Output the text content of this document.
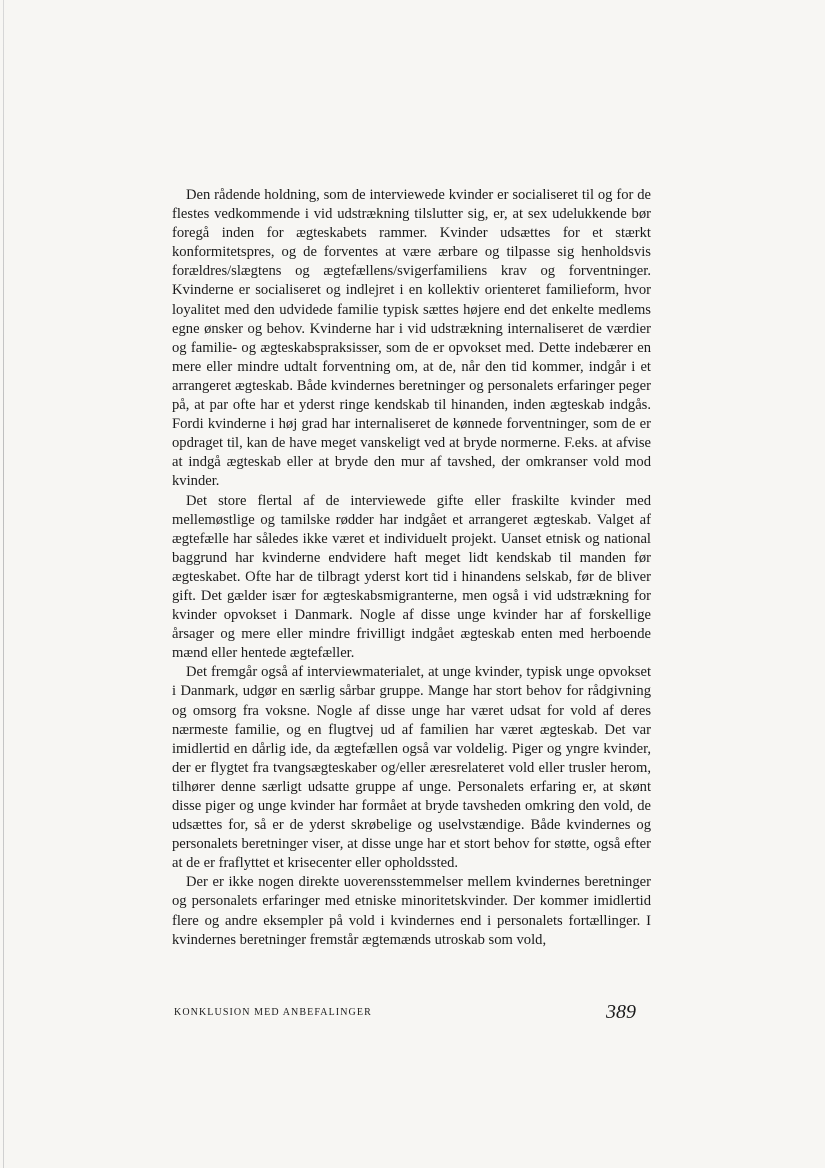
Den rådende holdning, som de interviewede kvinder er socialiseret til og for de flestes vedkommende i vid udstrækning tilslutter sig, er, at sex udelukkende bør foregå inden for ægteskabets rammer. Kvinder udsættes for et stærkt konformitetspres, og de forventes at være ærbare og tilpasse sig henholdsvis forældres/slægtens og ægtefællens/svigerfamiliens krav og forventninger. Kvinderne er socialiseret og indlejret i en kollektiv orienteret familieform, hvor loyalitet med den udvidede familie typisk sættes højere end det enkelte medlems egne ønsker og behov. Kvinderne har i vid udstrækning internaliseret de værdier og familie- og ægteskabspraksisser, som de er opvokset med. Dette indebærer en mere eller mindre udtalt forventning om, at de, når den tid kommer, indgår i et arrangeret ægteskab. Både kvindernes beretninger og personalets erfaringer peger på, at par ofte har et yderst ringe kendskab til hinanden, inden ægteskab indgås. Fordi kvinderne i høj grad har internaliseret de kønnede forventninger, som de er opdraget til, kan de have meget vanskeligt ved at bryde normerne. F.eks. at afvise at indgå ægteskab eller at bryde den mur af tavshed, der omkranser vold mod kvinder.

Det store flertal af de interviewede gifte eller fraskilte kvinder med mellemøstlige og tamilske rødder har indgået et arrangeret ægteskab. Valget af ægtefælle har således ikke været et individuelt projekt. Uanset etnisk og national baggrund har kvinderne endvidere haft meget lidt kendskab til manden før ægteskabet. Ofte har de tilbragt yderst kort tid i hinandens selskab, før de bliver gift. Det gælder især for ægteskabsmigranterne, men også i vid udstrækning for kvinder opvokset i Danmark. Nogle af disse unge kvinder har af forskellige årsager og mere eller mindre frivilligt indgået ægteskab enten med herboende mænd eller hentede ægtefæller.

Det fremgår også af interviewmaterialet, at unge kvinder, typisk unge opvokset i Danmark, udgør en særlig sårbar gruppe. Mange har stort behov for rådgivning og omsorg fra voksne. Nogle af disse unge har været udsat for vold af deres nærmeste familie, og en flugtvej ud af familien har været ægteskab. Det var imidlertid en dårlig ide, da ægtefællen også var voldelig. Piger og yngre kvinder, der er flygtet fra tvangsægteskaber og/eller æresrelateret vold eller trusler herom, tilhører denne særligt udsatte gruppe af unge. Personalets erfaring er, at skønt disse piger og unge kvinder har formået at bryde tavsheden omkring den vold, de udsættes for, så er de yderst skrøbelige og uselvstændige. Både kvindernes og personalets beretninger viser, at disse unge har et stort behov for støtte, også efter at de er fraflyttet et krisecenter eller opholdssted.

Der er ikke nogen direkte uoverensstemmelser mellem kvindernes beretninger og personalets erfaringer med etniske minoritetskvinder. Der kommer imidlertid flere og andre eksempler på vold i kvindernes end i personalets fortællinger. I kvindernes beretninger fremstår ægtemænds utroskab som vold,

KONKLUSION MED ANBEFALINGER	389
